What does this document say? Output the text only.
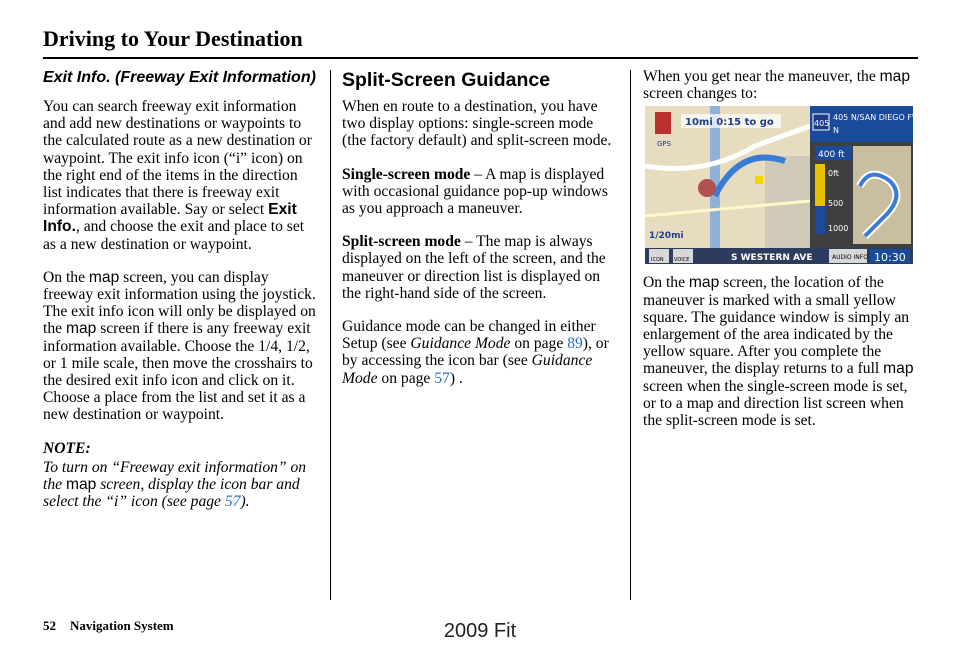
Driving to Your Destination
Exit Info. (Freeway Exit Information)

You can search freeway exit information and add new destinations or waypoints to the calculated route as a new destination or waypoint. The exit info icon (“i” icon) on the right end of the items in the direction list indicates that there is freeway exit information available. Say or select Exit Info., and choose the exit and place to set as a new destination or waypoint.

On the map screen, you can display freeway exit information using the joystick. The exit info icon will only be displayed on the map screen if there is any freeway exit information available. Choose the 1/4, 1/2, or 1 mile scale, then move the crosshairs to the desired exit info icon and click on it. Choose a place from the list and set it as a new destination or waypoint.

NOTE:

To turn on “Freeway exit information” on the map screen, display the icon bar and select the “i” icon (see page 57).

Split-Screen Guidance

When en route to a destination, you have two display options: single-screen mode (the factory default) and split-screen mode.

Single-screen mode – A map is displayed with occasional guidance pop-up windows as you approach a maneuver.

Split-screen mode – The map is always displayed on the left of the screen, and the maneuver or direction list is displayed on the right-hand side of the screen.

Guidance mode can be changed in either Setup (see Guidance Mode on page 89), or by accessing the icon bar (see Guidance Mode on page 57) .

When you get near the maneuver, the map screen changes to:

GPS
10mi 0:15 to go
1/20mi
405
405 N/SAN DIEGO FWY
N
400 ft
0ft
500
1000
ICON VOICE	S WESTERN AVE	AUDIO INFO 10:30

On the map screen, the location of the maneuver is marked with a small yellow square. The guidance window is simply an enlargement of the area indicated by the yellow square. After you complete the maneuver, the display returns to a full map screen when the single-screen mode is set, or to a map and direction list screen when the split-screen mode is set.

52 Navigation System	2009 Fit
